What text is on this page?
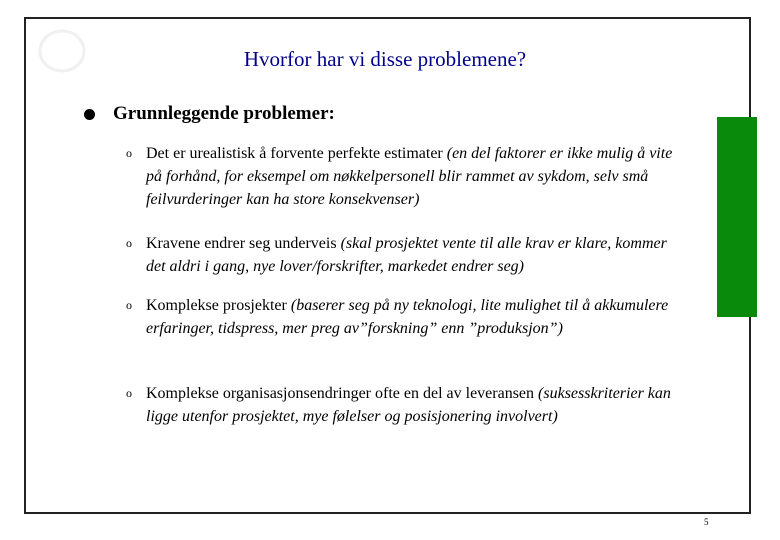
Hvorfor har vi disse problemene?
Grunnleggende problemer:
o Det er urealistisk å forvente perfekte estimater (en del faktorer er ikke mulig å vite på forhånd, for eksempel om nøkkelpersonell blir rammet av sykdom, selv små feilvurderinger kan ha store konsekvenser)
o Kravene endrer seg underveis (skal prosjektet vente til alle krav er klare, kommer det aldri i gang, nye lover/forskrifter, markedet endrer seg)
o Komplekse prosjekter (baserer seg på ny teknologi, lite mulighet til å akkumulere erfaringer, tidspress, mer preg av”forskning” enn ”produksjon”)
o Komplekse organisasjonsendringer ofte en del av leveransen (suksesskriterier kan ligge utenfor prosjektet, mye følelser og posisjonering involvert)
5
